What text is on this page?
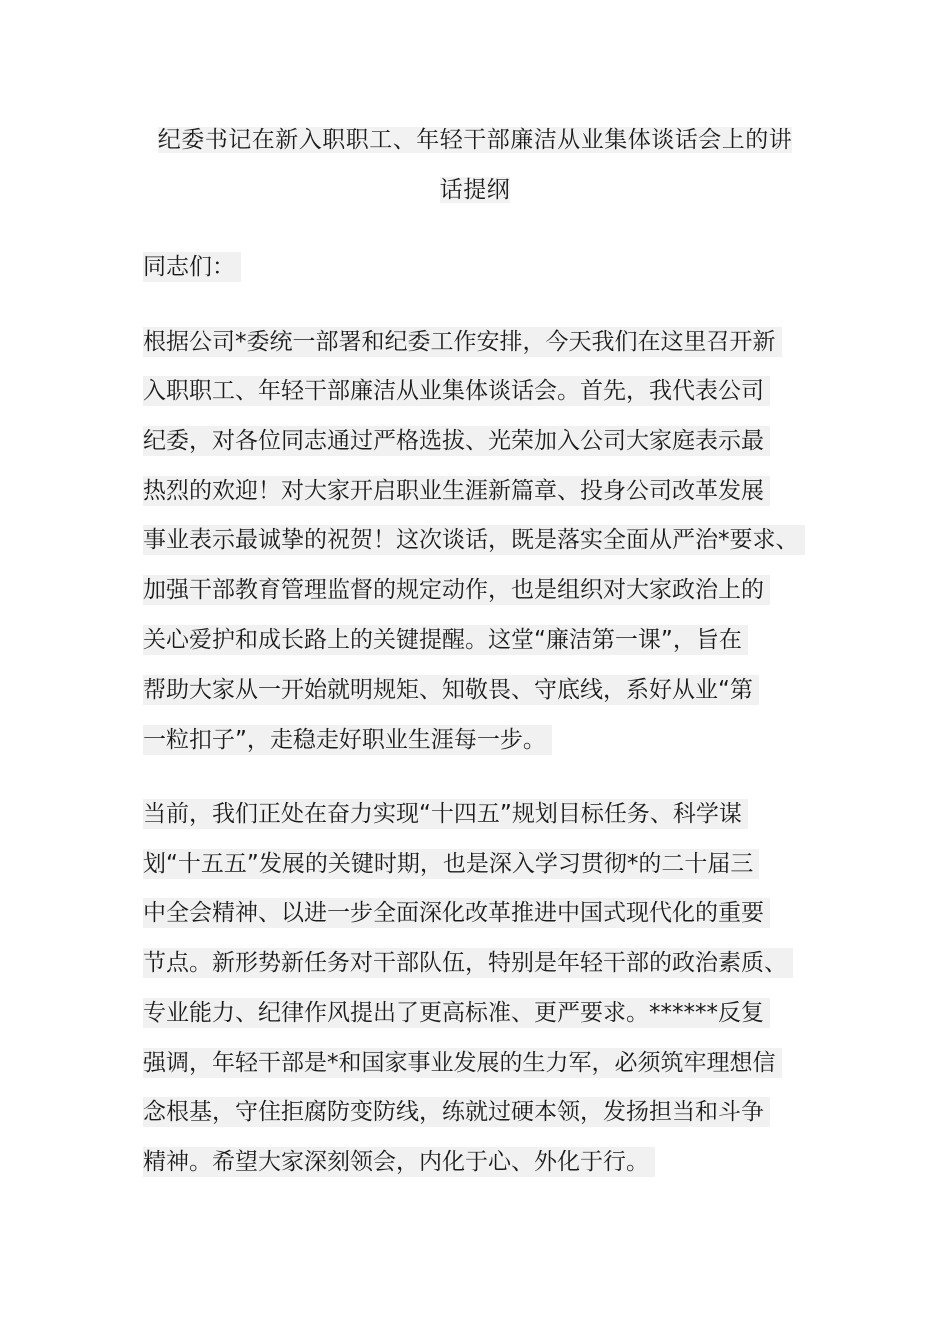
纪委书记在新入职职工、年轻干部廉洁从业集体谈话会上的讲
话提纲
同志们：
根据公司*委统一部署和纪委工作安排，今天我们在这里召开新
入职职工、年轻干部廉洁从业集体谈话会。首先，我代表公司
纪委，对各位同志通过严格选拔、光荣加入公司大家庭表示最
热烈的欢迎！对大家开启职业生涯新篇章、投身公司改革发展
事业表示最诚挚的祝贺！这次谈话，既是落实全面从严治*要求、
加强干部教育管理监督的规定动作，也是组织对大家政治上的
关心爱护和成长路上的关键提醒。这堂“廉洁第一课”，旨在
帮助大家从一开始就明规矩、知敬畏、守底线，系好从业“第
一粒扣子”，走稳走好职业生涯每一步。
当前，我们正处在奋力实现“十四五”规划目标任务、科学谋
划“十五五”发展的关键时期，也是深入学习贯彻*的二十届三
中全会精神、以进一步全面深化改革推进中国式现代化的重要
节点。新形势新任务对干部队伍，特别是年轻干部的政治素质、
专业能力、纪律作风提出了更高标准、更严要求。******反复
强调，年轻干部是*和国家事业发展的生力军，必须筑牢理想信
念根基，守住拒腐防变防线，练就过硬本领，发扬担当和斗争
精神。希望大家深刻领会，内化于心、外化于行。
